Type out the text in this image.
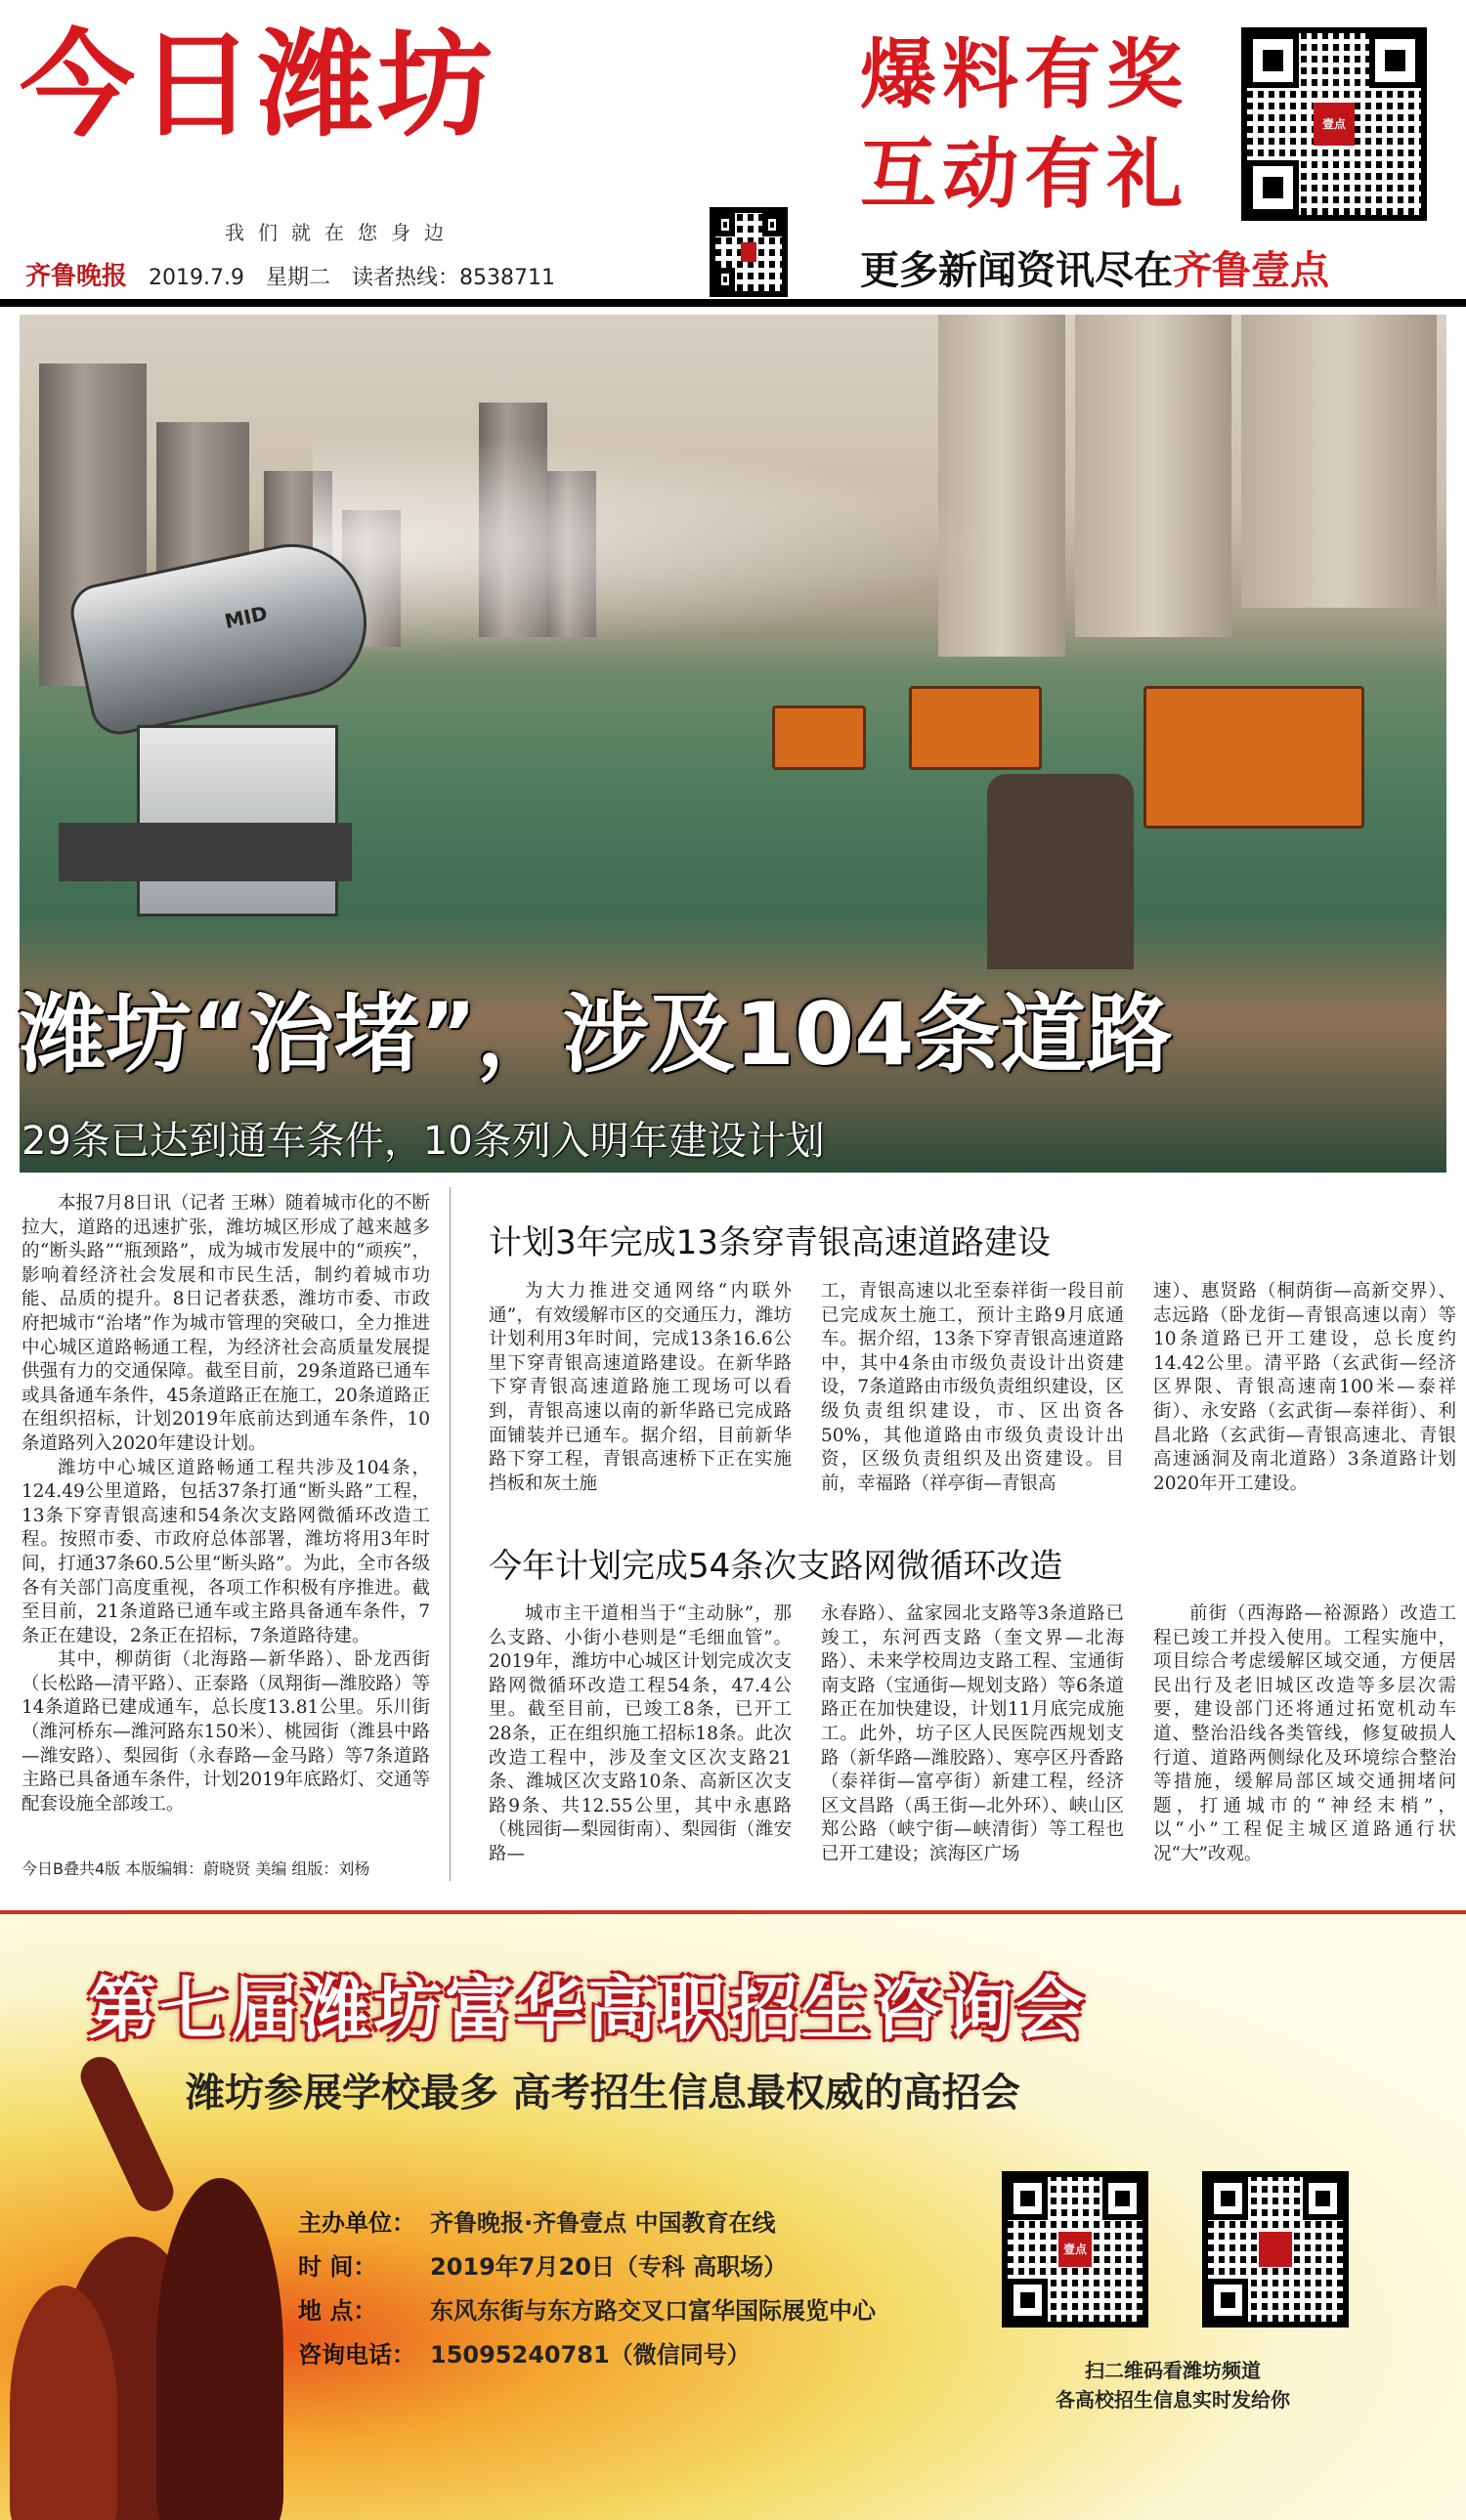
今日潍坊
我们就在您身边
齐鲁晚报 2019.7.9 星期二 读者热线：8538711
爆料有奖
互动有礼
更多新闻资讯尽在齐鲁壹点
壹点
MID
潍坊“治堵”，涉及104条道路
29条已达到通车条件，10条列入明年建设计划

本报7月8日讯（记者 王琳）随着城市化的不断拉大，道路的迅速扩张，潍坊城区形成了越来越多的“断头路”“瓶颈路”，成为城市发展中的“顽疾”，影响着经济社会发展和市民生活，制约着城市功能、品质的提升。8日记者获悉，潍坊市委、市政府把城市“治堵”作为城市管理的突破口，全力推进中心城区道路畅通工程，为经济社会高质量发展提供强有力的交通保障。截至目前，29条道路已通车或具备通车条件，45条道路正在施工，20条道路正在组织招标，计划2019年底前达到通车条件，10条道路列入2020年建设计划。

潍坊中心城区道路畅通工程共涉及104条，124.49公里道路，包括37条打通“断头路”工程，13条下穿青银高速和54条次支路网微循环改造工程。按照市委、市政府总体部署，潍坊将用3年时间，打通37条60.5公里“断头路”。为此，全市各级各有关部门高度重视，各项工作积极有序推进。截至目前，21条道路已通车或主路具备通车条件，7条正在建设，2条正在招标，7条道路待建。

其中，柳荫街（北海路—新华路）、卧龙西街（长松路—清平路）、正泰路（凤翔街—潍胶路）等14条道路已建成通车，总长度13.81公里。乐川街（潍河桥东—潍河路东150米）、桃园街（潍县中路—潍安路）、梨园街（永春路—金马路）等7条道路主路已具备通车条件，计划2019年底路灯、交通等配套设施全部竣工。

今日B叠共4版 本版编辑：蔚晓贤 美编 组版：刘杨
计划3年完成13条穿青银高速道路建设
为大力推进交通网络“内联外通”，有效缓解市区的交通压力，潍坊计划利用3年时间，完成13条16.6公里下穿青银高速道路建设。在新华路下穿青银高速道路施工现场可以看到，青银高速以南的新华路已完成路面铺装并已通车。据介绍，目前新华路下穿工程，青银高速桥下正在实施挡板和灰土施
工，青银高速以北至泰祥街一段目前已完成灰土施工，预计主路9月底通车。据介绍，13条下穿青银高速道路中，其中4条由市级负责设计出资建设，7条道路由市级负责组织建设，区级负责组织建设，市、区出资各50%，其他道路由市级负责设计出资，区级负责组织及出资建设。目前，幸福路（祥亭街—青银高
速）、惠贤路（桐荫街—高新交界）、志远路（卧龙街—青银高速以南）等10条道路已开工建设，总长度约14.42公里。清平路（玄武街—经济区界限、青银高速南100米—泰祥街）、永安路（玄武街—泰祥街）、利昌北路（玄武街—青银高速北、青银高速涵洞及南北道路）3条道路计划2020年开工建设。
今年计划完成54条次支路网微循环改造
城市主干道相当于“主动脉”，那么支路、小街小巷则是“毛细血管”。2019年，潍坊中心城区计划完成次支路网微循环改造工程54条，47.4公里。截至目前，已竣工8条，已开工28条，正在组织施工招标18条。此次改造工程中，涉及奎文区次支路21条、潍城区次支路10条、高新区次支路9条、共12.55公里，其中永惠路（桃园街—梨园街南）、梨园街（潍安路—
永春路）、盆家园北支路等3条道路已竣工，东河西支路（奎文界—北海路）、未来学校周边支路工程、宝通街南支路（宝通街—规划支路）等6条道路正在加快建设，计划11月底完成施工。此外，坊子区人民医院西规划支路（新华路—潍胶路）、寒亭区丹香路（泰祥街—富亭街）新建工程，经济区文昌路（禹王街—北外环）、峡山区郑公路（峡宁街—峡清街）等工程也已开工建设；滨海区广场
前街（西海路—裕源路）改造工程已竣工并投入使用。工程实施中，项目综合考虑缓解区域交通，方便居民出行及老旧城区改造等多层次需要，建设部门还将通过拓宽机动车道、整治沿线各类管线，修复破损人行道、道路两侧绿化及环境综合整治等措施，缓解局部区域交通拥堵问题，打通城市的“神经末梢”，以“小”工程促主城区道路通行状况“大”改观。
第七届潍坊富华高职招生咨询会
潍坊参展学校最多 高考招生信息最权威的高招会
主办单位： 齐鲁晚报·齐鲁壹点 中国教育在线
时 间： 2019年7月20日（专科 高职场）
地 点： 东风东街与东方路交叉口富华国际展览中心
咨询电话： 15095240781（微信同号）
壹点
扫二维码看潍坊频道
各高校招生信息实时发给你
